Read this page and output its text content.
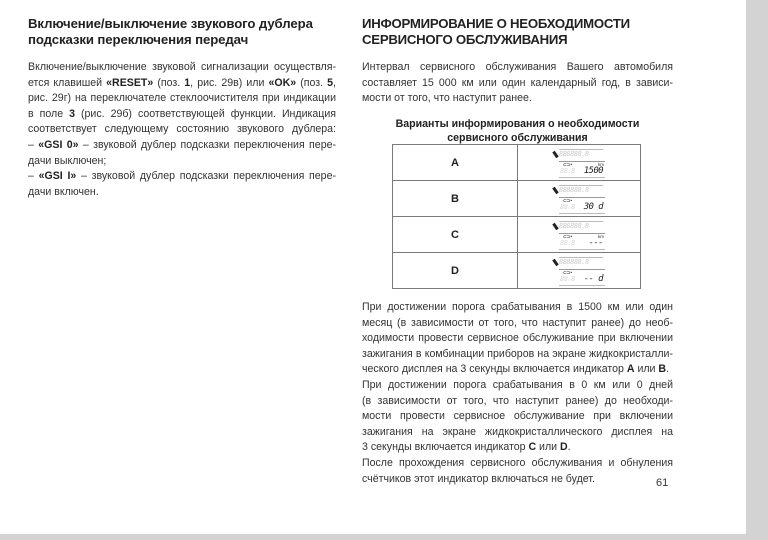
Включение/выключение звукового дублера
подсказки переключения передач

Включение/выключение звуковой сигнализации осуществля-
ется клавишей «RESET» (поз. 1, рис. 29в) или «OK» (поз. 5,
рис. 29г) на переключателе стеклоочистителя при индикации
в поле 3 (рис. 29б) соответствующей функции. Индикация
соответствует следующему состоянию звукового дублера:
– «GSI 0» – звуковой дублер подсказки переключения пере-
дачи выключен;
– «GSI I» – звуковой дублер подсказки переключения пере-
дачи включен.

ИНФОРМИРОВАНИЕ О НЕОБХОДИМОСТИ
СЕРВИСНОГО ОБСЛУЖИВАНИЯ

Интервал сервисного обслуживания Вашего автомобиля
составляет 15 000 км или один календарный год, в зависи-
мости от того, что наступит ранее.

Варианты информирования о необходимости
сервисного обслуживания
A	888888.8
⊂⊃• km
88.8 1500

B	888888.8
⊂⊃•
88.8 30 d

C	888888.8
⊂⊃• km
88.8 ---

D	888888.8
⊂⊃•
88.8 -- d

При достижении порога срабатывания в 1500 км или один
месяц (в зависимости от того, что наступит ранее) до необ-
ходимости провести сервисное обслуживание при включении
зажигания в комбинации приборов на экране жидкокристалли-
ческого дисплея на 3 секунды включается индикатор A или B.
При достижении порога срабатывания в 0 км или 0 дней
(в зависимости от того, что наступит ранее) до необходи-
мости провести сервисное обслуживание при включении
зажигания на экране жидкокристаллического дисплея на
3 секунды включается индикатор C или D.
После прохождения сервисного обслуживания и обнуления
счётчиков этот индикатор включаться не будет.	61
